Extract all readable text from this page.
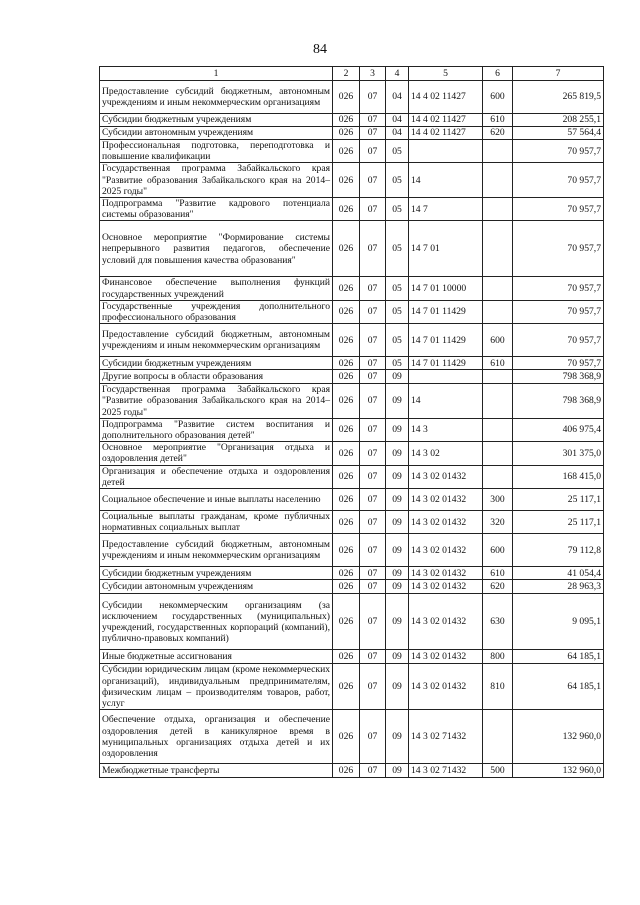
84
1	2	3	4	5	6	7
Предоставление субсидий бюджетным, автономным учреждениям и иным некоммерческим организациям	026	07	04	14 4 02 11427	600	265 819,5
Субсидии бюджетным учреждениям	026	07	04	14 4 02 11427	610	208 255,1
Субсидии автономным учреждениям	026	07	04	14 4 02 11427	620	57 564,4
Профессиональная подготовка, переподготовка и повышение квалификации	026	07	05			70 957,7
Государственная программа Забайкальского края "Развитие образования Забайкальского края на 2014–2025 годы"	026	07	05	14		70 957,7
Подпрограмма "Развитие кадрового потенциала системы образования"	026	07	05	14 7		70 957,7
Основное мероприятие "Формирование системы непрерывного развития педагогов, обеспечение условий для повышения качества образования"	026	07	05	14 7 01		70 957,7
Финансовое обеспечение выполнения функций государственных учреждений	026	07	05	14 7 01 10000		70 957,7
Государственные учреждения дополнительного профессионального образования	026	07	05	14 7 01 11429		70 957,7
Предоставление субсидий бюджетным, автономным учреждениям и иным некоммерческим организациям	026	07	05	14 7 01 11429	600	70 957,7
Субсидии бюджетным учреждениям	026	07	05	14 7 01 11429	610	70 957,7
Другие вопросы в области образования	026	07	09			798 368,9
Государственная программа Забайкальского края "Развитие образования Забайкальского края на 2014–2025 годы"	026	07	09	14		798 368,9
Подпрограмма "Развитие систем воспитания и дополнительного образования детей"	026	07	09	14 3		406 975,4
Основное мероприятие "Организация отдыха и оздоровления детей"	026	07	09	14 3 02		301 375,0
Организация и обеспечение отдыха и оздоровления детей	026	07	09	14 3 02 01432		168 415,0
Социальное обеспечение и иные выплаты населению	026	07	09	14 3 02 01432	300	25 117,1
Социальные выплаты гражданам, кроме публичных нормативных социальных выплат	026	07	09	14 3 02 01432	320	25 117,1
Предоставление субсидий бюджетным, автономным учреждениям и иным некоммерческим организациям	026	07	09	14 3 02 01432	600	79 112,8
Субсидии бюджетным учреждениям	026	07	09	14 3 02 01432	610	41 054,4
Субсидии автономным учреждениям	026	07	09	14 3 02 01432	620	28 963,3
Субсидии некоммерческим организациям (за исключением государственных (муниципальных) учреждений, государственных корпораций (компаний), публично-правовых компаний)	026	07	09	14 3 02 01432	630	9 095,1
Иные бюджетные ассигнования	026	07	09	14 3 02 01432	800	64 185,1
Субсидии юридическим лицам (кроме некоммерческих организаций), индивидуальным предпринимателям, физическим лицам – производителям товаров, работ, услуг	026	07	09	14 3 02 01432	810	64 185,1
Обеспечение отдыха, организация и обеспечение оздоровления детей в каникулярное время в муниципальных организациях отдыха детей и их оздоровления	026	07	09	14 3 02 71432		132 960,0
Межбюджетные трансферты	026	07	09	14 3 02 71432	500	132 960,0
